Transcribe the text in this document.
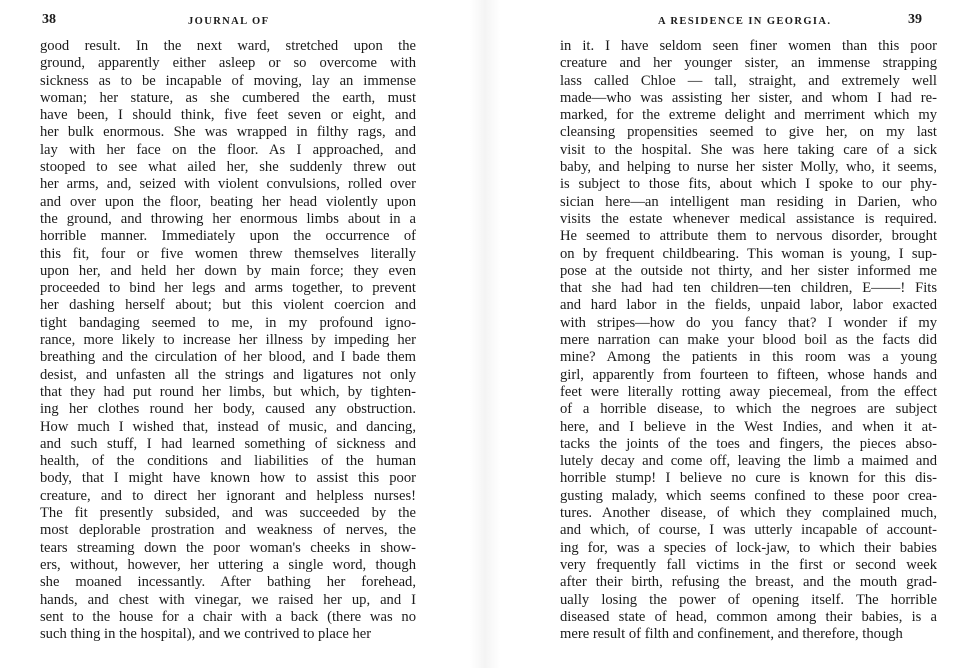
38	JOURNAL OF
good result. In the next ward, stretched upon the
ground, apparently either asleep or so overcome with
sickness as to be incapable of moving, lay an immense
woman; her stature, as she cumbered the earth, must
have been, I should think, five feet seven or eight, and
her bulk enormous. She was wrapped in filthy rags, and
lay with her face on the floor. As I approached, and
stooped to see what ailed her, she suddenly threw out
her arms, and, seized with violent convulsions, rolled over
and over upon the floor, beating her head violently upon
the ground, and throwing her enormous limbs about in a
horrible manner. Immediately upon the occurrence of
this fit, four or five women threw themselves literally
upon her, and held her down by main force; they even
proceeded to bind her legs and arms together, to prevent
her dashing herself about; but this violent coercion and
tight bandaging seemed to me, in my profound igno-
rance, more likely to increase her illness by impeding her
breathing and the circulation of her blood, and I bade them
desist, and unfasten all the strings and ligatures not only
that they had put round her limbs, but which, by tighten-
ing her clothes round her body, caused any obstruction.
How much I wished that, instead of music, and dancing,
and such stuff, I had learned something of sickness and
health, of the conditions and liabilities of the human
body, that I might have known how to assist this poor
creature, and to direct her ignorant and helpless nurses!
The fit presently subsided, and was succeeded by the
most deplorable prostration and weakness of nerves, the
tears streaming down the poor woman's cheeks in show-
ers, without, however, her uttering a single word, though
she moaned incessantly. After bathing her forehead,
hands, and chest with vinegar, we raised her up, and I
sent to the house for a chair with a back (there was no
such thing in the hospital), and we contrived to place her
A RESIDENCE IN GEORGIA.	39
in it. I have seldom seen finer women than this poor
creature and her younger sister, an immense strapping
lass called Chloe — tall, straight, and extremely well
made—who was assisting her sister, and whom I had re-
marked, for the extreme delight and merriment which my
cleansing propensities seemed to give her, on my last
visit to the hospital. She was here taking care of a sick
baby, and helping to nurse her sister Molly, who, it seems,
is subject to those fits, about which I spoke to our phy-
sician here—an intelligent man residing in Darien, who
visits the estate whenever medical assistance is required.
He seemed to attribute them to nervous disorder, brought
on by frequent childbearing. This woman is young, I sup-
pose at the outside not thirty, and her sister informed me
that she had had ten children—ten children, E——! Fits
and hard labor in the fields, unpaid labor, labor exacted
with stripes—how do you fancy that? I wonder if my
mere narration can make your blood boil as the facts did
mine? Among the patients in this room was a young
girl, apparently from fourteen to fifteen, whose hands and
feet were literally rotting away piecemeal, from the effect
of a horrible disease, to which the negroes are subject
here, and I believe in the West Indies, and when it at-
tacks the joints of the toes and fingers, the pieces abso-
lutely decay and come off, leaving the limb a maimed and
horrible stump! I believe no cure is known for this dis-
gusting malady, which seems confined to these poor crea-
tures. Another disease, of which they complained much,
and which, of course, I was utterly incapable of account-
ing for, was a species of lock-jaw, to which their babies
very frequently fall victims in the first or second week
after their birth, refusing the breast, and the mouth grad-
ually losing the power of opening itself. The horrible
diseased state of head, common among their babies, is a
mere result of filth and confinement, and therefore, though
